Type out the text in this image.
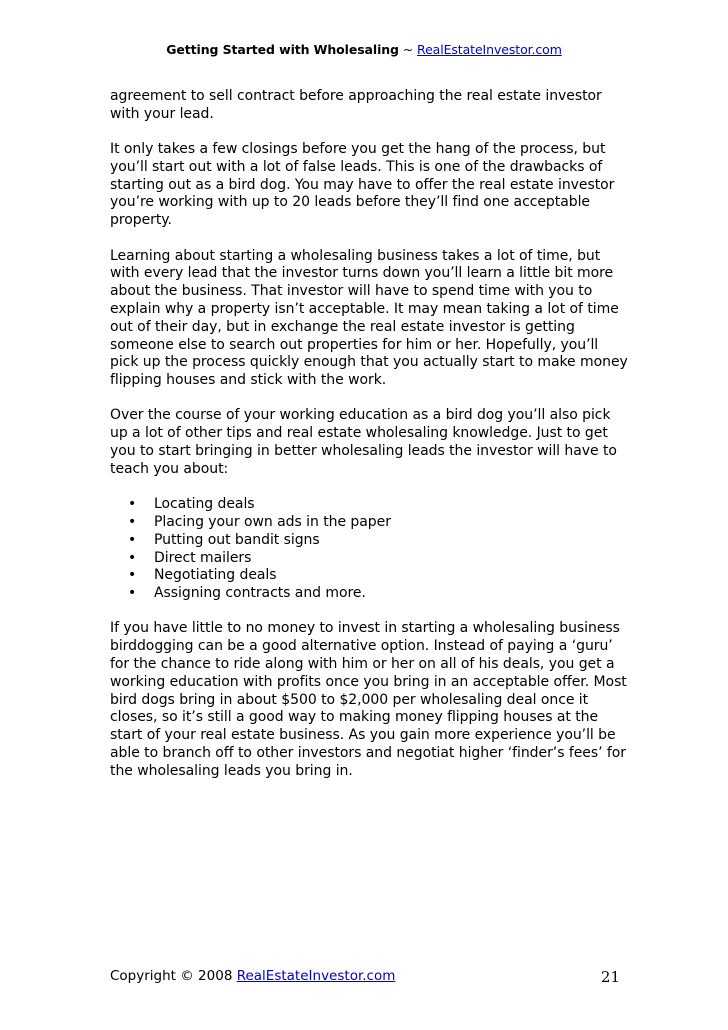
Getting Started with Wholesaling ~ RealEstateInvestor.com

agreement to sell contract before approaching the real estate investor with your lead.

It only takes a few closings before you get the hang of the process, but you’ll start out with a lot of false leads. This is one of the drawbacks of starting out as a bird dog. You may have to offer the real estate investor you’re working with up to 20 leads before they’ll find one acceptable property.

Learning about starting a wholesaling business takes a lot of time, but with every lead that the investor turns down you’ll learn a little bit more about the business. That investor will have to spend time with you to explain why a property isn’t acceptable. It may mean taking a lot of time out of their day, but in exchange the real estate investor is getting someone else to search out properties for him or her. Hopefully, you’ll pick up the process quickly enough that you actually start to make money flipping houses and stick with the work.

Over the course of your working education as a bird dog you’ll also pick up a lot of other tips and real estate wholesaling knowledge. Just to get you to start bringing in better wholesaling leads the investor will have to teach you about:

• Locating deals
• Placing your own ads in the paper
• Putting out bandit signs
• Direct mailers
• Negotiating deals
• Assigning contracts and more.

If you have little to no money to invest in starting a wholesaling business birddogging can be a good alternative option. Instead of paying a ‘guru’ for the chance to ride along with him or her on all of his deals, you get a working education with profits once you bring in an acceptable offer. Most bird dogs bring in about $500 to $2,000 per wholesaling deal once it closes, so it’s still a good way to making money flipping houses at the start of your real estate business. As you gain more experience you’ll be able to branch off to other investors and negotiat higher ‘finder’s fees’ for the wholesaling leads you bring in.

Copyright © 2008 RealEstateInvestor.com	21
